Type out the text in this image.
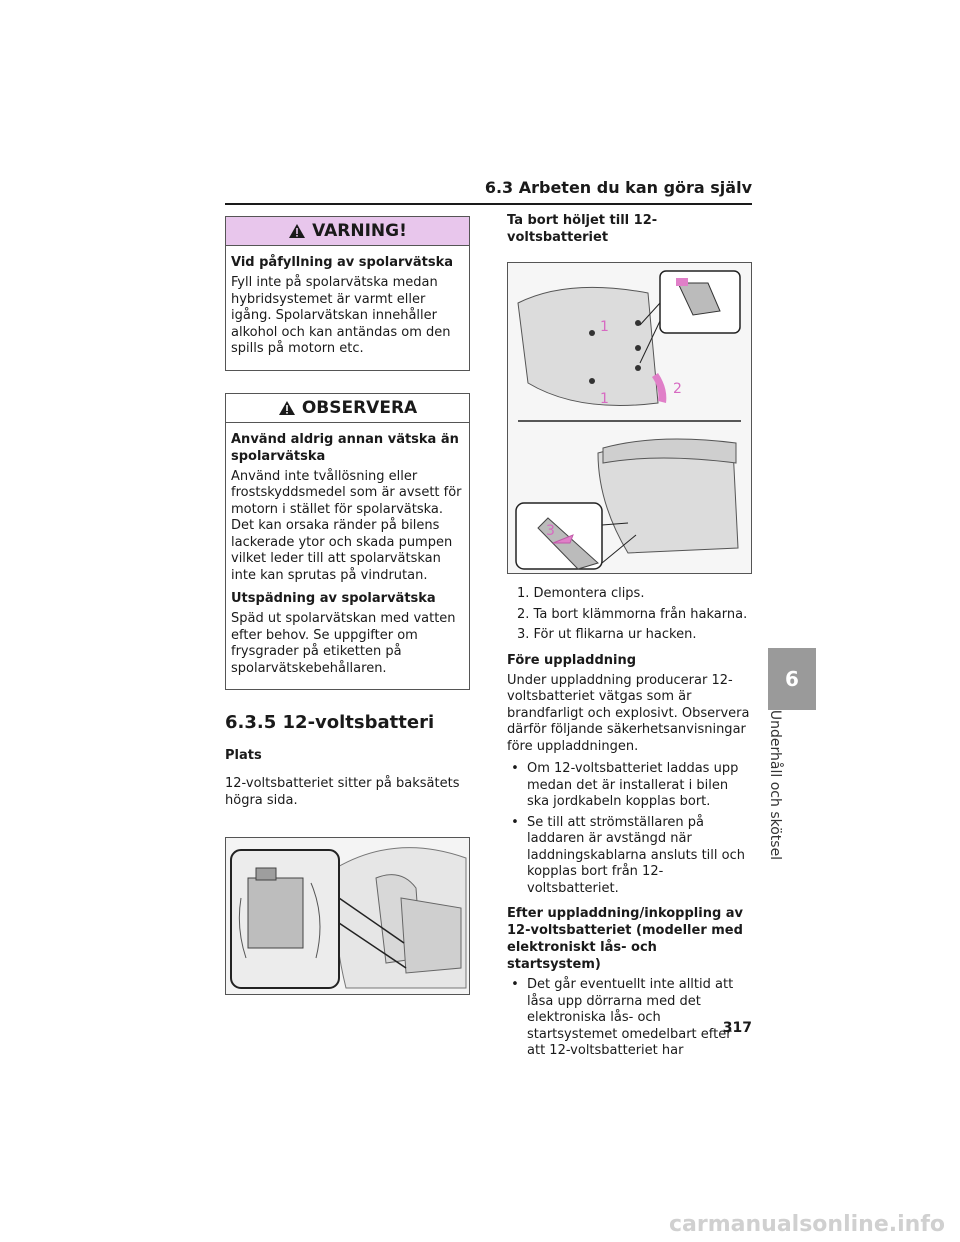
6.3 Arbeten du kan göra själv
VARNING!
Vid påfyllning av spolarvätska

Fyll inte på spolarvätska medan hybridsystemet är varmt eller igång. Spolarvätskan innehåller alkohol och kan antändas om den spills på motorn etc.

OBSERVERA
Använd aldrig annan vätska än spolarvätska

Använd inte tvållösning eller frostskyddsmedel som är avsett för motorn i stället för spolarvätska. Det kan orsaka ränder på bilens lackerade ytor och skada pumpen vilket leder till att spolarvätskan inte kan sprutas på vindrutan.

Utspädning av spolarvätska

Späd ut spolarvätskan med vatten efter behov. Se uppgifter om frysgrader på etiketten på spolarvätskebehållaren.

6.3.5 12-voltsbatteri
Plats

12-voltsbatteriet sitter på baksätets högra sida.

Ta bort höljet till 12-voltsbatteriet
1
1
2
3
1. Demontera clips.
2. Ta bort klämmorna från hakarna.
3. För ut flikarna ur hacken.
Före uppladdning

Under uppladdning producerar 12-voltsbatteriet vätgas som är brandfarligt och explosivt. Observera därför följande säkerhetsanvisningar före uppladdningen.

• Om 12-voltsbatteriet laddas upp medan det är installerat i bilen ska jordkabeln kopplas bort.
• Se till att strömställaren på laddaren är avstängd när laddningskablarna ansluts till och kopplas bort från 12-voltsbatteriet.
Efter uppladdning/inkoppling av 12-voltsbatteriet (modeller med elektroniskt lås- och startsystem)
• Det går eventuellt inte alltid att låsa upp dörrarna med det elektroniska lås- och startsystemet omedelbart efter att 12-voltsbatteriet har
6
Underhåll och skötsel
317
carmanualsonline.info
